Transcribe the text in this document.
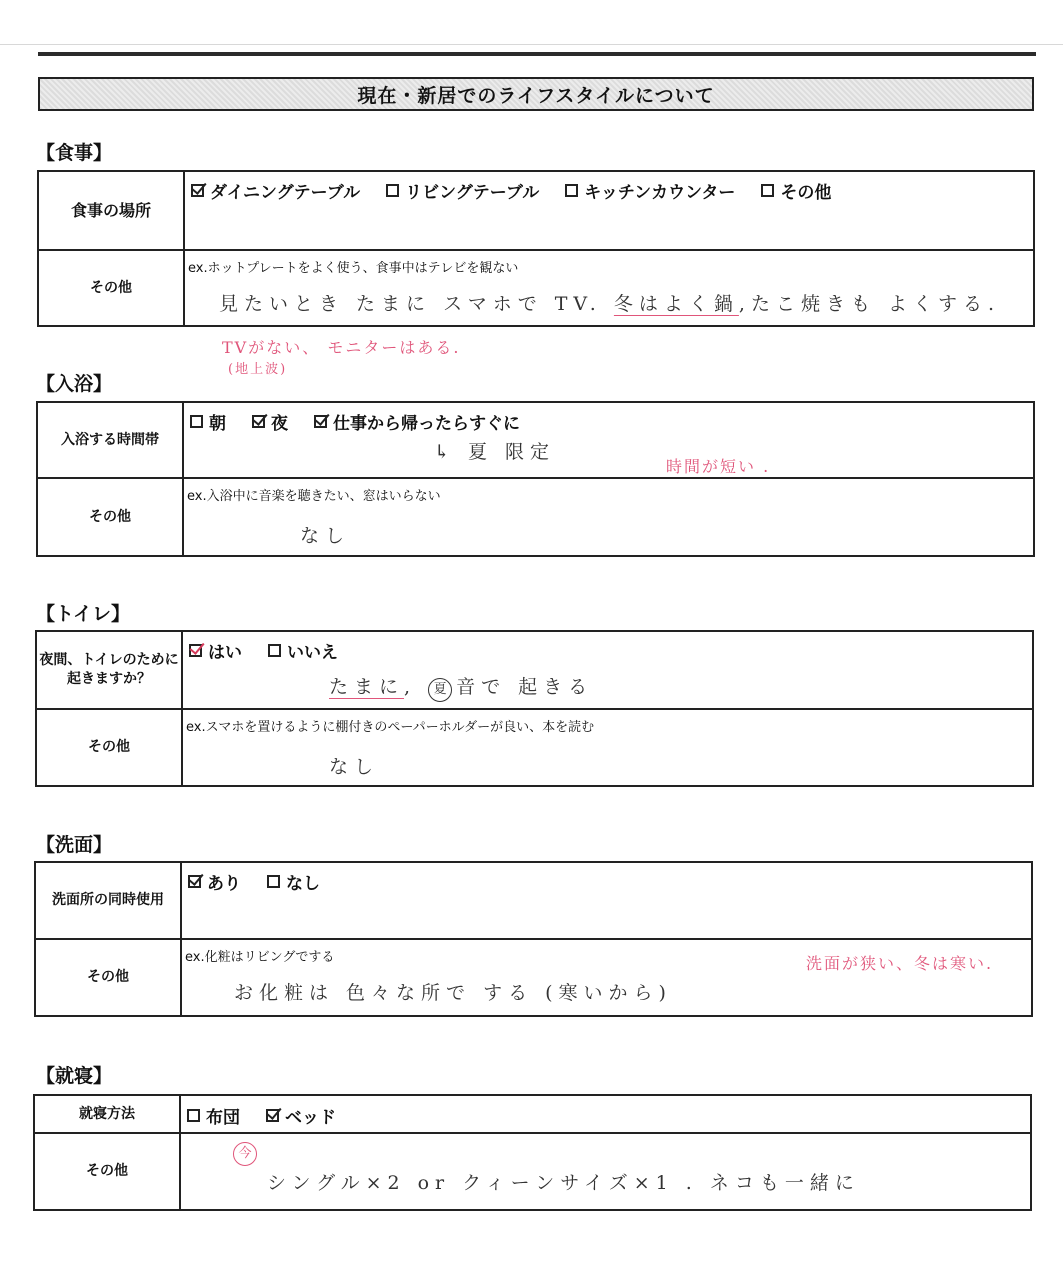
現在・新居でのライフスタイルについて
【食事】
食事の場所
ダイニングテーブル	リビングテーブル	キッチンカウンター	その他
その他
ex.ホットプレートをよく使う、食事中はテレビを観ない
見たいとき たまに スマホで TV. 冬はよく鍋,たこ焼きも よくする.
TVがない、 モニターはある.
(地上波)
【入浴】
入浴する時間帯
朝	夜	仕事から帰ったらすぐに
↳ 夏 限定
その他
ex.入浴中に音楽を聴きたい、窓はいらない
なし
時間が短い .
【トイレ】
夜間、トイレのために
起きますか？
はい	いいえ
たまに, 夏 音で 起きる
その他
ex.スマホを置けるように棚付きのペーパーホルダーが良い、本を読む
なし
【洗面】
洗面所の同時使用
あり	なし
その他
ex.化粧はリビングでする
お化粧は 色々な所で する (寒いから)
洗面が狭い、冬は寒い.
【就寝】
就寝方法	布団	ベッド
その他
今
シングル×2 or クィーンサイズ×1 . ネコも一緒に
